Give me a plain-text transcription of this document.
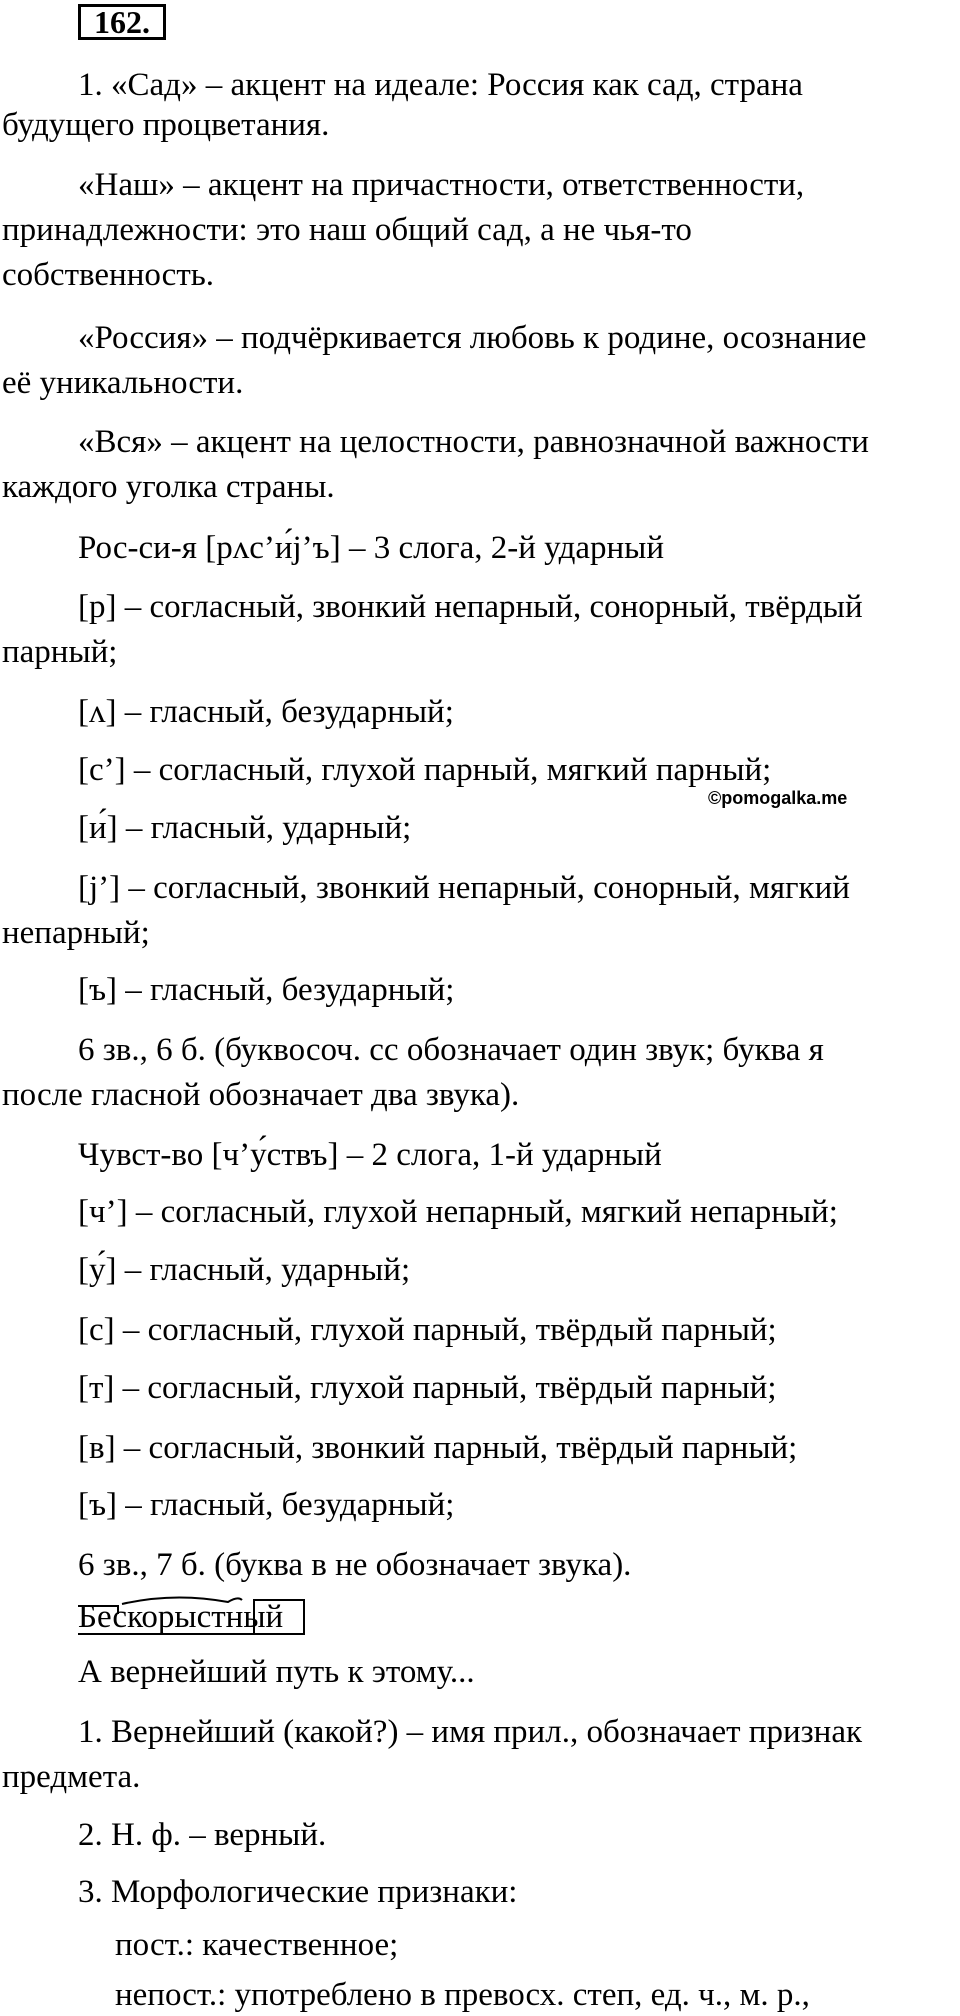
162.

1. «Сад» – акцент на идеале: Россия как сад, страна

будущего процветания.

«Наш» – акцент на причастности, ответственности,

принадлежности: это наш общий сад, а не чья-то

собственность.

«Россия» – подчёркивается любовь к родине, осознание

её уникальности.

«Вся» – акцент на целостности, равнозначной важности

каждого уголка страны.

Рос-си-я [рʌс’и́j’ъ] – 3 слога, 2-й ударный

[р] – согласный, звонкий непарный, сонорный, твёрдый

парный;

[ʌ] – гласный, безударный;

[с’] – согласный, глухой парный, мягкий парный;

©pomogalka.me

[и́] – гласный, ударный;

[j’] – согласный, звонкий непарный, сонорный, мягкий

непарный;

[ъ] – гласный, безударный;

6 зв., 6 б. (буквосоч. сс обозначает один звук; буква я

после гласной обозначает два звука).

Чувст-во [ч’у́ствъ] – 2 слога, 1-й ударный

[ч’] – согласный, глухой непарный, мягкий непарный;

[у́] – гласный, ударный;

[с] – согласный, глухой парный, твёрдый парный;

[т] – согласный, глухой парный, твёрдый парный;

[в] – согласный, звонкий парный, твёрдый парный;

[ъ] – гласный, безударный;

6 зв., 7 б. (буква в не обозначает звука).

Бескорыстный

А вернейший путь к этому...

1. Вернейший (какой?) – имя прил., обозначает признак

предмета.

2. Н. ф. – верный.

3. Морфологические признаки:

пост.: качественное;

непост.: употреблено в превосх. степ, ед. ч., м. р.,
